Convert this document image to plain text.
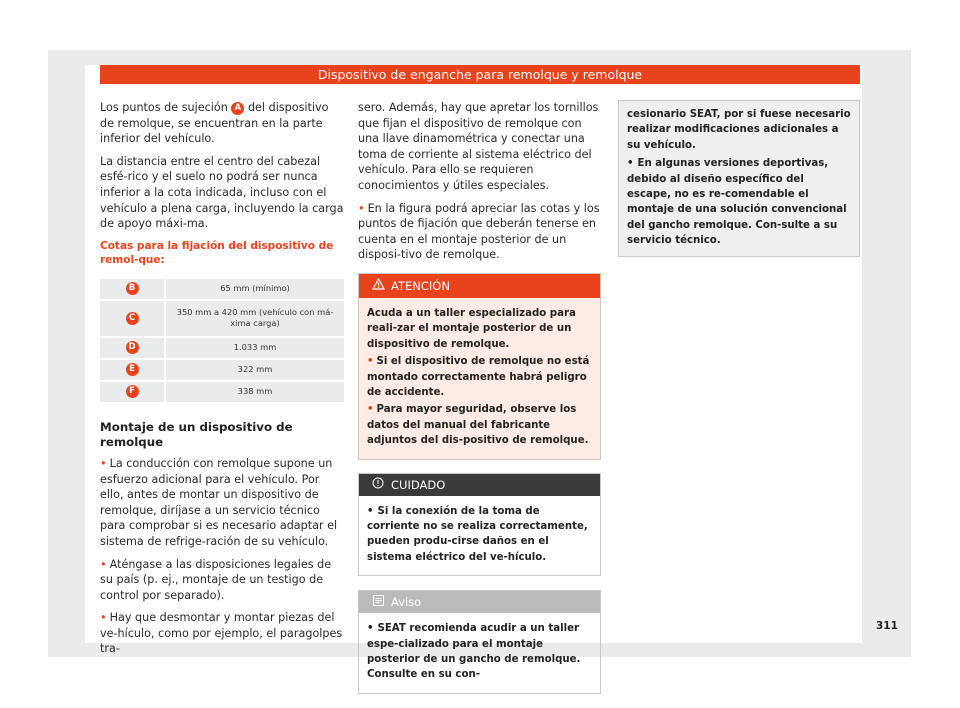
Dispositivo de enganche para remolque y remolque
Los puntos de sujeción A del dispositivo de remolque, se encuentran en la parte inferior del vehículo.
La distancia entre el centro del cabezal esfé-rico y el suelo no podrá ser nunca inferior a la cota indicada, incluso con el vehículo a plena carga, incluyendo la carga de apoyo máxi-ma.
Cotas para la fijación del dispositivo de remol-que:
B	65 mm (mínimo)
C	350 mm a 420 mm (vehículo con má-xima carga)
D	1.033 mm
E	322 mm
F	338 mm
Montaje de un dispositivo de remolque
• La conducción con remolque supone un esfuerzo adicional para el vehículo. Por ello, antes de montar un dispositivo de remolque, diríjase a un servicio técnico para comprobar si es necesario adaptar el sistema de refrige-ración de su vehículo.
• Aténgase a las disposiciones legales de su país (p. ej., montaje de un testigo de control por separado).
• Hay que desmontar y montar piezas del ve-hículo, como por ejemplo, el paragolpes tra-
sero. Además, hay que apretar los tornillos que fijan el dispositivo de remolque con una llave dinamométrica y conectar una toma de corriente al sistema eléctrico del vehículo. Para ello se requieren conocimientos y útiles especiales.
• En la figura podrá apreciar las cotas y los puntos de fijación que deberán tenerse en cuenta en el montaje posterior de un disposi-tivo de remolque.
ATENCIÓN
Acuda a un taller especializado para reali-zar el montaje posterior de un dispositivo de remolque.
• Si el dispositivo de remolque no está montado correctamente habrá peligro de accidente.
• Para mayor seguridad, observe los datos del manual del fabricante adjuntos del dis-positivo de remolque.
CUIDADO
• Si la conexión de la toma de corriente no se realiza correctamente, pueden produ-cirse daños en el sistema eléctrico del ve-hículo.
Aviso
• SEAT recomienda acudir a un taller espe-cializado para el montaje posterior de un gancho de remolque. Consulte en su con-
cesionario SEAT, por si fuese necesario realizar modificaciones adicionales a su vehículo.
• En algunas versiones deportivas, debido al diseño específico del escape, no es re-comendable el montaje de una solución convencional del gancho remolque. Con-sulte a su servicio técnico.
311
